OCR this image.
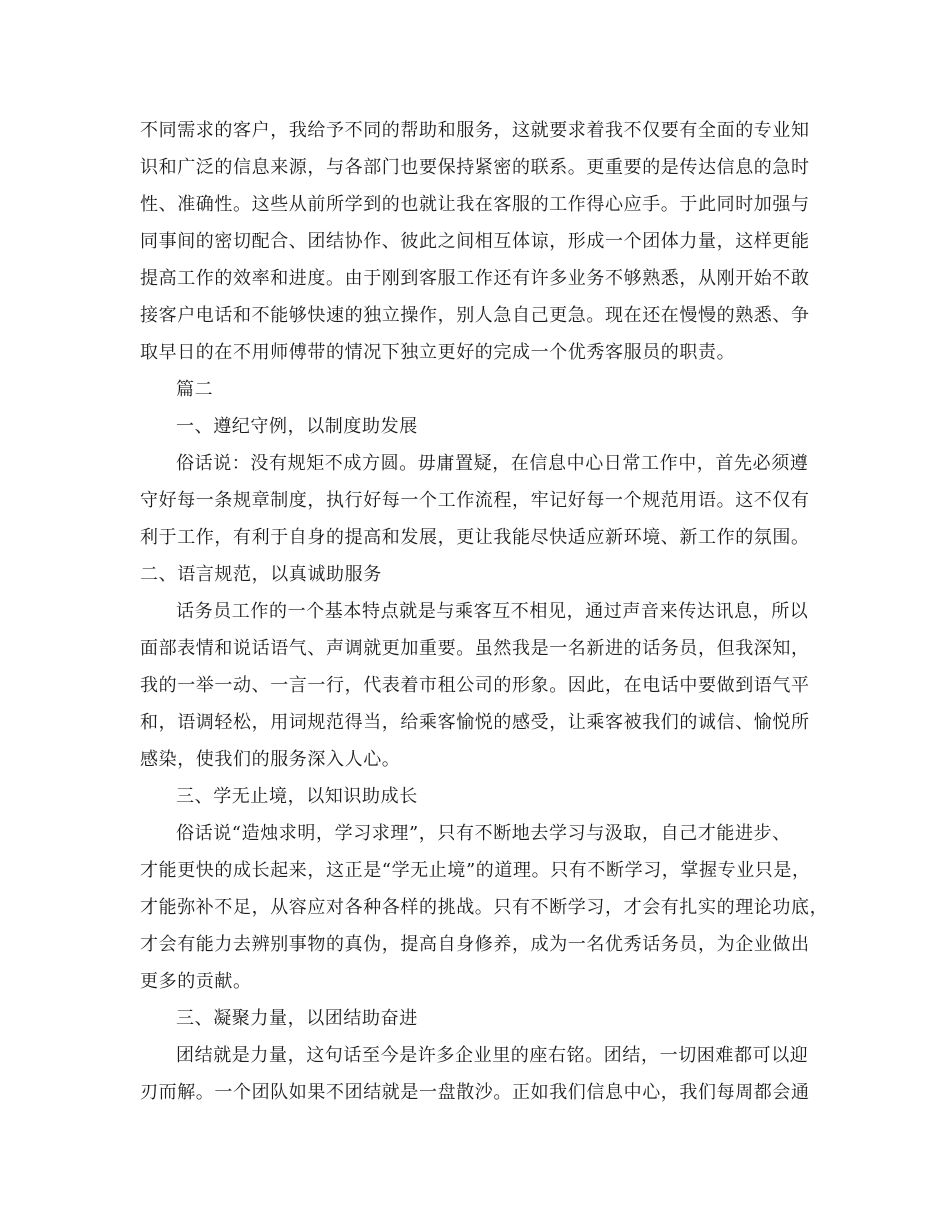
不同需求的客户，我给予不同的帮助和服务，这就要求着我不仅要有全面的专业知
识和广泛的信息来源，与各部门也要保持紧密的联系。更重要的是传达信息的急时
性、准确性。这些从前所学到的也就让我在客服的工作得心应手。于此同时加强与
同事间的密切配合、团结协作、彼此之间相互体谅，形成一个团体力量，这样更能
提高工作的效率和进度。由于刚到客服工作还有许多业务不够熟悉，从刚开始不敢
接客户电话和不能够快速的独立操作，别人急自己更急。现在还在慢慢的熟悉、争
取早日的在不用师傅带的情况下独立更好的完成一个优秀客服员的职责。
篇二
一、遵纪守例，以制度助发展
俗话说：没有规矩不成方圆。毋庸置疑，在信息中心日常工作中，首先必须遵
守好每一条规章制度，执行好每一个工作流程，牢记好每一个规范用语。这不仅有
利于工作，有利于自身的提高和发展，更让我能尽快适应新环境、新工作的氛围。
二、语言规范，以真诚助服务
话务员工作的一个基本特点就是与乘客互不相见，通过声音来传达讯息，所以
面部表情和说话语气、声调就更加重要。虽然我是一名新进的话务员，但我深知，
我的一举一动、一言一行，代表着市租公司的形象。因此，在电话中要做到语气平
和，语调轻松，用词规范得当，给乘客愉悦的感受，让乘客被我们的诚信、愉悦所
感染，使我们的服务深入人心。
三、学无止境，以知识助成长
俗话说“造烛求明，学习求理”，只有不断地去学习与汲取，自己才能进步、
才能更快的成长起来，这正是“学无止境”的道理。只有不断学习，掌握专业只是，
才能弥补不足，从容应对各种各样的挑战。只有不断学习，才会有扎实的理论功底，
才会有能力去辨别事物的真伪，提高自身修养，成为一名优秀话务员，为企业做出
更多的贡献。
三、凝聚力量，以团结助奋进
团结就是力量，这句话至今是许多企业里的座右铭。团结，一切困难都可以迎
刃而解。一个团队如果不团结就是一盘散沙。正如我们信息中心，我们每周都会通
